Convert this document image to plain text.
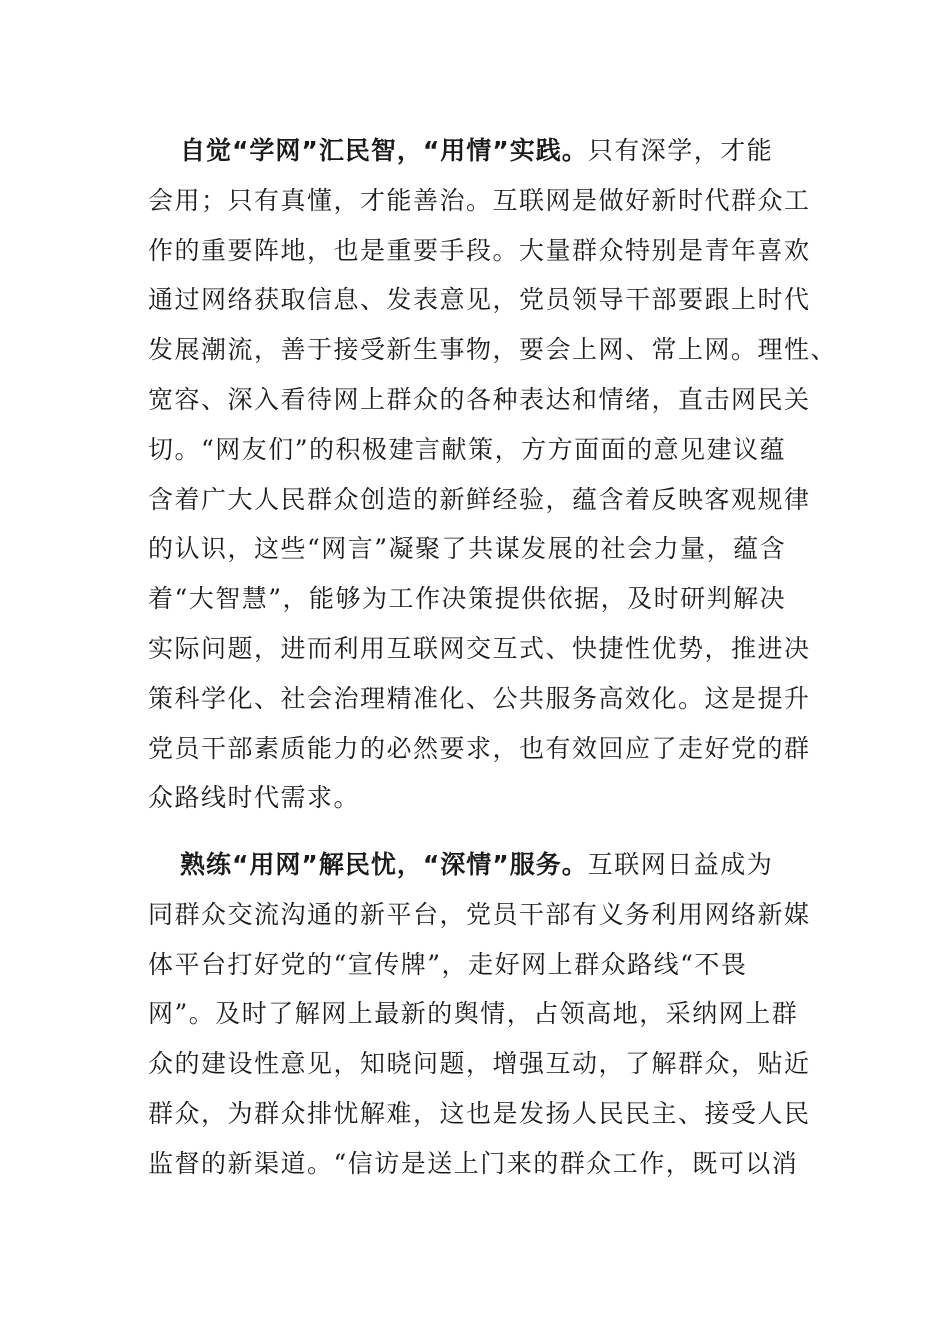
自觉“学网”汇民智，“用情”实践。只有深学，才能
会用；只有真懂，才能善治。互联网是做好新时代群众工
作的重要阵地，也是重要手段。大量群众特别是青年喜欢
通过网络获取信息、发表意见，党员领导干部要跟上时代
发展潮流，善于接受新生事物，要会上网、常上网。理性、
宽容、深入看待网上群众的各种表达和情绪，直击网民关
切。“网友们”的积极建言献策，方方面面的意见建议蕴
含着广大人民群众创造的新鲜经验，蕴含着反映客观规律
的认识，这些“网言”凝聚了共谋发展的社会力量，蕴含
着“大智慧”，能够为工作决策提供依据，及时研判解决
实际问题，进而利用互联网交互式、快捷性优势，推进决
策科学化、社会治理精准化、公共服务高效化。这是提升
党员干部素质能力的必然要求，也有效回应了走好党的群
众路线时代需求。
熟练“用网”解民忧，“深情”服务。互联网日益成为
同群众交流沟通的新平台，党员干部有义务利用网络新媒
体平台打好党的“宣传牌”，走好网上群众路线“不畏
网”。及时了解网上最新的舆情，占领高地，采纳网上群
众的建设性意见，知晓问题，增强互动，了解群众，贴近
群众，为群众排忧解难，这也是发扬人民民主、接受人民
监督的新渠道。“信访是送上门来的群众工作，既可以消
